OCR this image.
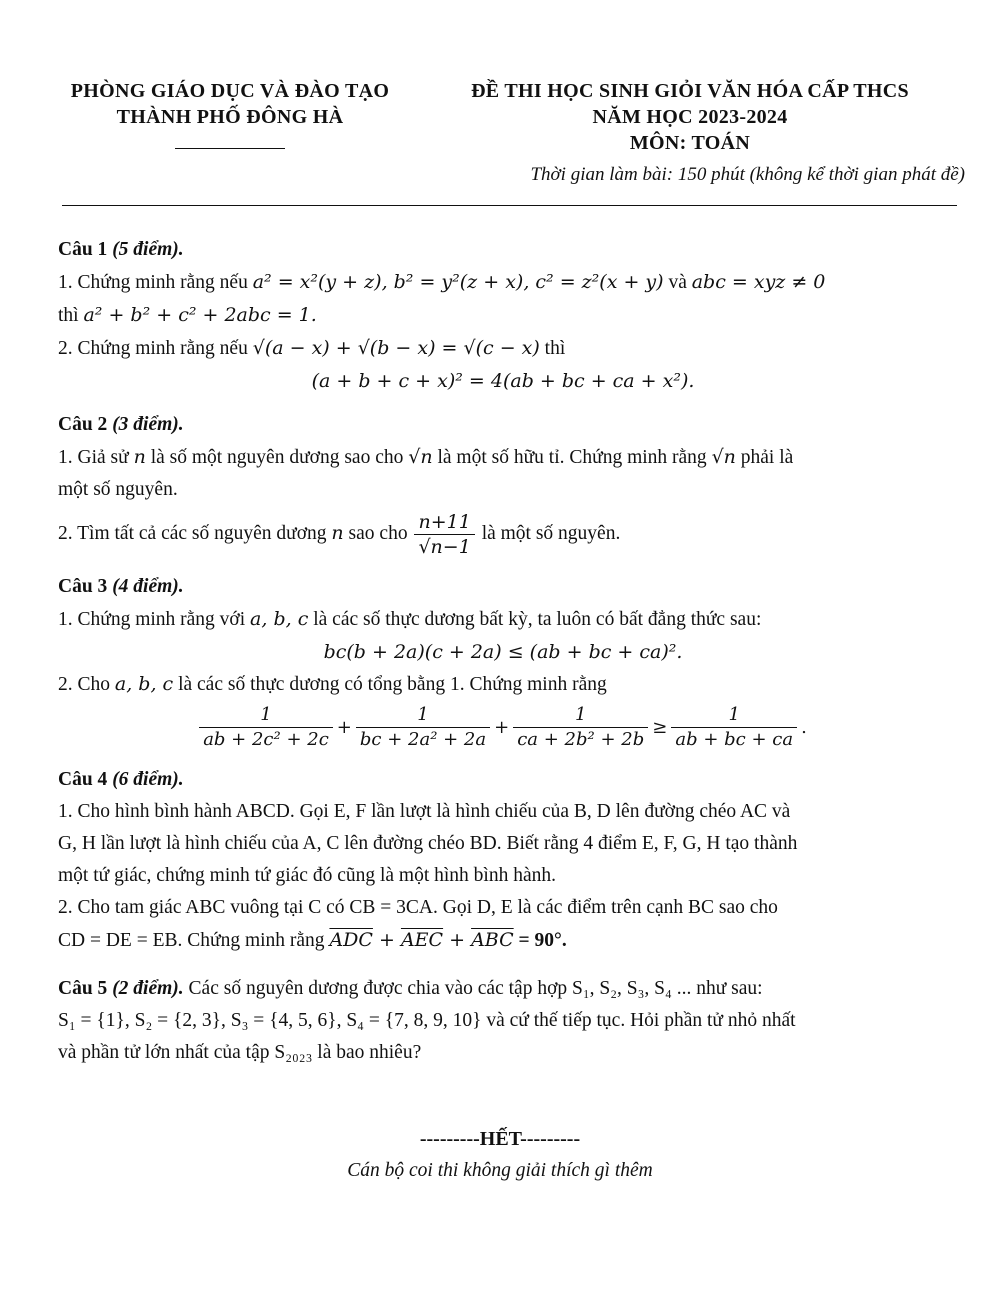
PHÒNG GIÁO DỤC VÀ ĐÀO TẠO
THÀNH PHỐ ĐÔNG HÀ
ĐỀ THI HỌC SINH GIỎI VĂN HÓA CẤP THCS
NĂM HỌC 2023-2024
MÔN: TOÁN
Thời gian làm bài: 150 phút (không kể thời gian phát đề)
Câu 1 (5 điểm).
1. Chứng minh rằng nếu a² = x²(y + z), b² = y²(z + x), c² = z²(x + y) và abc = xyz ≠ 0
thì a² + b² + c² + 2abc = 1.
2. Chứng minh rằng nếu √(a − x) + √(b − x) = √(c − x) thì
(a + b + c + x)² = 4(ab + bc + ca + x²).
Câu 2 (3 điểm).
1. Giả sử n là số một nguyên dương sao cho √n là một số hữu tỉ. Chứng minh rằng √n phải là
một số nguyên.
2. Tìm tất cả các số nguyên dương n sao cho $\frac{n+11}{√n-1}$ là một số nguyên.
Câu 3 (4 điểm).
1. Chứng minh rằng với a, b, c là các số thực dương bất kỳ, ta luôn có bất đẳng thức sau:
bc(b + 2a)(c + 2a) ≤ (ab + bc + ca)².
2. Cho a, b, c là các số thực dương có tổng bằng 1. Chứng minh rằng
$\frac{1}{\text{ab + 2c² + 2c}} + \frac{1}{\text{bc + 2a² + 2a}} + \frac{1}{\text{ca + 2b² + 2b}} \ge \frac{1}{ab + bc + ca}$ .
Câu 4 (6 điểm).
1. Cho hình bình hành ABCD. Gọi E, F lần lượt là hình chiếu của B, D lên đường chéo AC và
G, H lần lượt là hình chiếu của A, C lên đường chéo BD. Biết rằng 4 điểm E, F, G, H tạo thành
một tứ giác, chứng minh tứ giác đó cũng là một hình bình hành.
2. Cho tam giác ABC vuông tại C có CB = 3CA. Gọi D, E là các điểm trên cạnh BC sao cho
CD = DE = EB. Chứng minh rằng $\overline{ADC} + \overline{AEC} + \overline{ABC} = 90^\circ$.
Câu 5 (2 điểm). Các số nguyên dương được chia vào các tập hợp S₁, S₂, S₃, S₄ ... như sau:
S₁ = {1}, S₂ = {2, 3}, S₃ = {4, 5, 6}, S₄ = {7, 8, 9, 10} và cứ thế tiếp tục. Hỏi phần tử nhỏ nhất
và phần tử lớn nhất của tập S₂₀₂₃ là bao nhiêu?
---------HẾT---------
Cán bộ coi thi không giải thích gì thêm
